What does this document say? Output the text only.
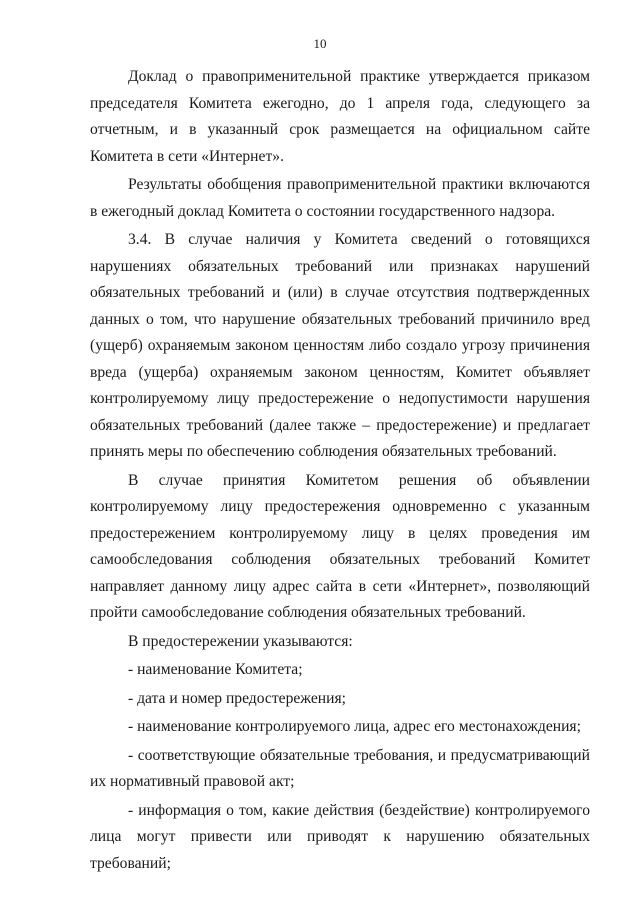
10

Доклад о правоприменительной практике утверждается приказом председателя Комитета ежегодно, до 1 апреля года, следующего за отчетным, и в указанный срок размещается на официальном сайте Комитета в сети «Интернет».

Результаты обобщения правоприменительной практики включаются в ежегодный доклад Комитета о состоянии государственного надзора.

3.4. В случае наличия у Комитета сведений о готовящихся нарушениях обязательных требований или признаках нарушений обязательных требований и (или) в случае отсутствия подтвержденных данных о том, что нарушение обязательных требований причинило вред (ущерб) охраняемым законом ценностям либо создало угрозу причинения вреда (ущерба) охраняемым законом ценностям, Комитет объявляет контролируемому лицу предостережение о недопустимости нарушения обязательных требований (далее также – предостережение) и предлагает принять меры по обеспечению соблюдения обязательных требований.

В случае принятия Комитетом решения об объявлении контролируемому лицу предостережения одновременно с указанным предостережением контролируемому лицу в целях проведения им самообследования соблюдения обязательных требований Комитет направляет данному лицу адрес сайта в сети «Интернет», позволяющий пройти самообследование соблюдения обязательных требований.

В предостережении указываются:

- наименование Комитета;

- дата и номер предостережения;

- наименование контролируемого лица, адрес его местонахождения;

- соответствующие обязательные требования, и предусматривающий их нормативный правовой акт;

- информация о том, какие действия (бездействие) контролируемого лица могут привести или приводят к нарушению обязательных требований;
